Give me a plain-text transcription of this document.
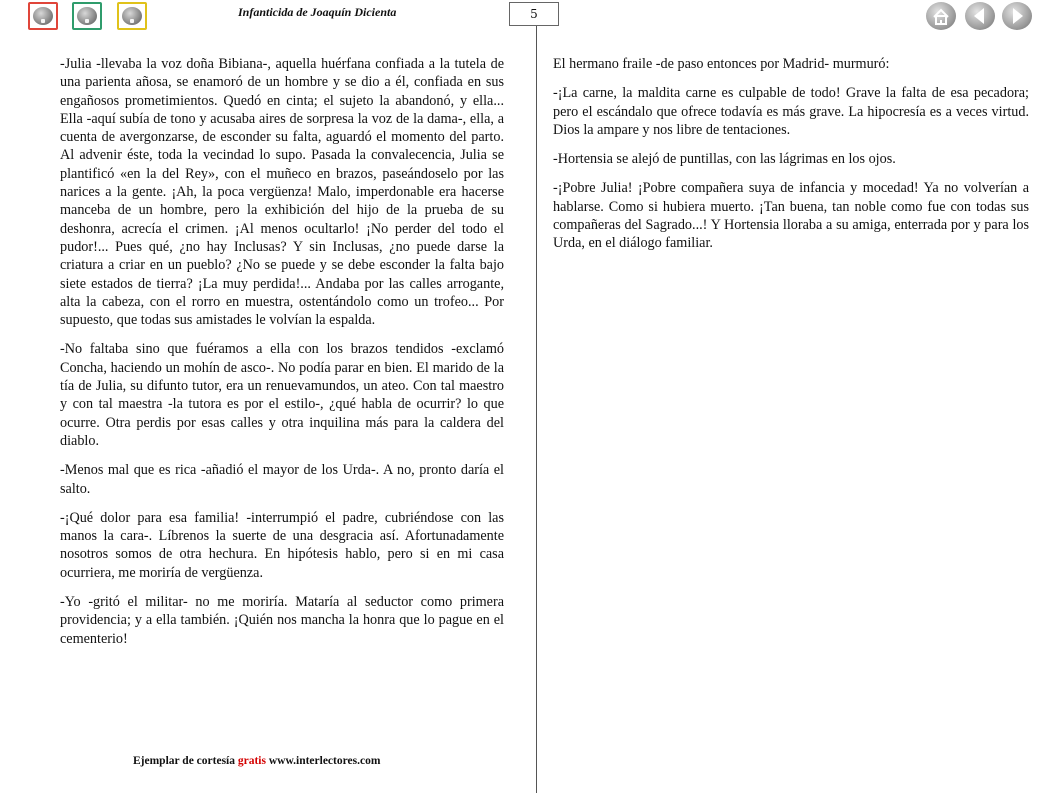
Infanticida de Joaquín Dicienta	5

-Julia -llevaba la voz doña Bibiana-, aquella huérfana confiada a la tutela de una parienta añosa, se enamoró de un hombre y se dio a él, confiada en sus engañosos prometimientos. Quedó en cinta; el sujeto la abandonó, y ella... Ella -aquí subía de tono y acusaba aires de sorpresa la voz de la dama-, ella, a cuenta de avergonzarse, de esconder su falta, aguardó el momento del parto. Al advenir éste, toda la vecindad lo supo. Pasada la convalecencia, Julia se plantificó «en la del Rey», con el muñeco en brazos, paseándoselo por las narices a la gente. ¡Ah, la poca vergüenza! Malo, imperdonable era hacerse manceba de un hombre, pero la exhibición del hijo de la prueba de su deshonra, acrecía el crimen. ¡Al menos ocultarlo! ¡No perder del todo el pudor!... Pues qué, ¿no hay Inclusas? Y sin Inclusas, ¿no puede darse la criatura a criar en un pueblo? ¿No se puede y se debe esconder la falta bajo siete estados de tierra? ¡La muy perdida!... Andaba por las calles arrogante, alta la cabeza, con el rorro en muestra, ostentándolo como un trofeo... Por supuesto, que todas sus amistades le volvían la espalda.

-No faltaba sino que fuéramos a ella con los brazos tendidos -exclamó Concha, haciendo un mohín de asco-. No podía parar en bien. El marido de la tía de Julia, su difunto tutor, era un renuevamundos, un ateo. Con tal maestro y con tal maestra -la tutora es por el estilo-, ¿qué habla de ocurrir? lo que ocurre. Otra perdis por esas calles y otra inquilina más para la caldera del diablo.

-Menos mal que es rica -añadió el mayor de los Urda-. A no, pronto daría el salto.

-¡Qué dolor para esa familia! -interrumpió el padre, cubriéndose con las manos la cara-. Líbrenos la suerte de una desgracia así. Afortunadamente nosotros somos de otra hechura. En hipótesis hablo, pero si en mi casa ocurriera, me moriría de vergüenza.

-Yo -gritó el militar- no me moriría. Mataría al seductor como primera providencia; y a ella también. ¡Quién nos mancha la honra que lo pague en el cementerio!

El hermano fraile -de paso entonces por Madrid- murmuró:

-¡La carne, la maldita carne es culpable de todo! Grave la falta de esa pecadora; pero el escándalo que ofrece todavía es más grave. La hipocresía es a veces virtud. Dios la ampare y nos libre de tentaciones.

-Hortensia se alejó de puntillas, con las lágrimas en los ojos.

-¡Pobre Julia! ¡Pobre compañera suya de infancia y mocedad! Ya no volverían a hablarse. Como si hubiera muerto. ¡Tan buena, tan noble como fue con todas sus compañeras del Sagrado...! Y Hortensia lloraba a su amiga, enterrada por y para los Urda, en el diálogo familiar.

Ejemplar de cortesía gratis www.interlectores.com
